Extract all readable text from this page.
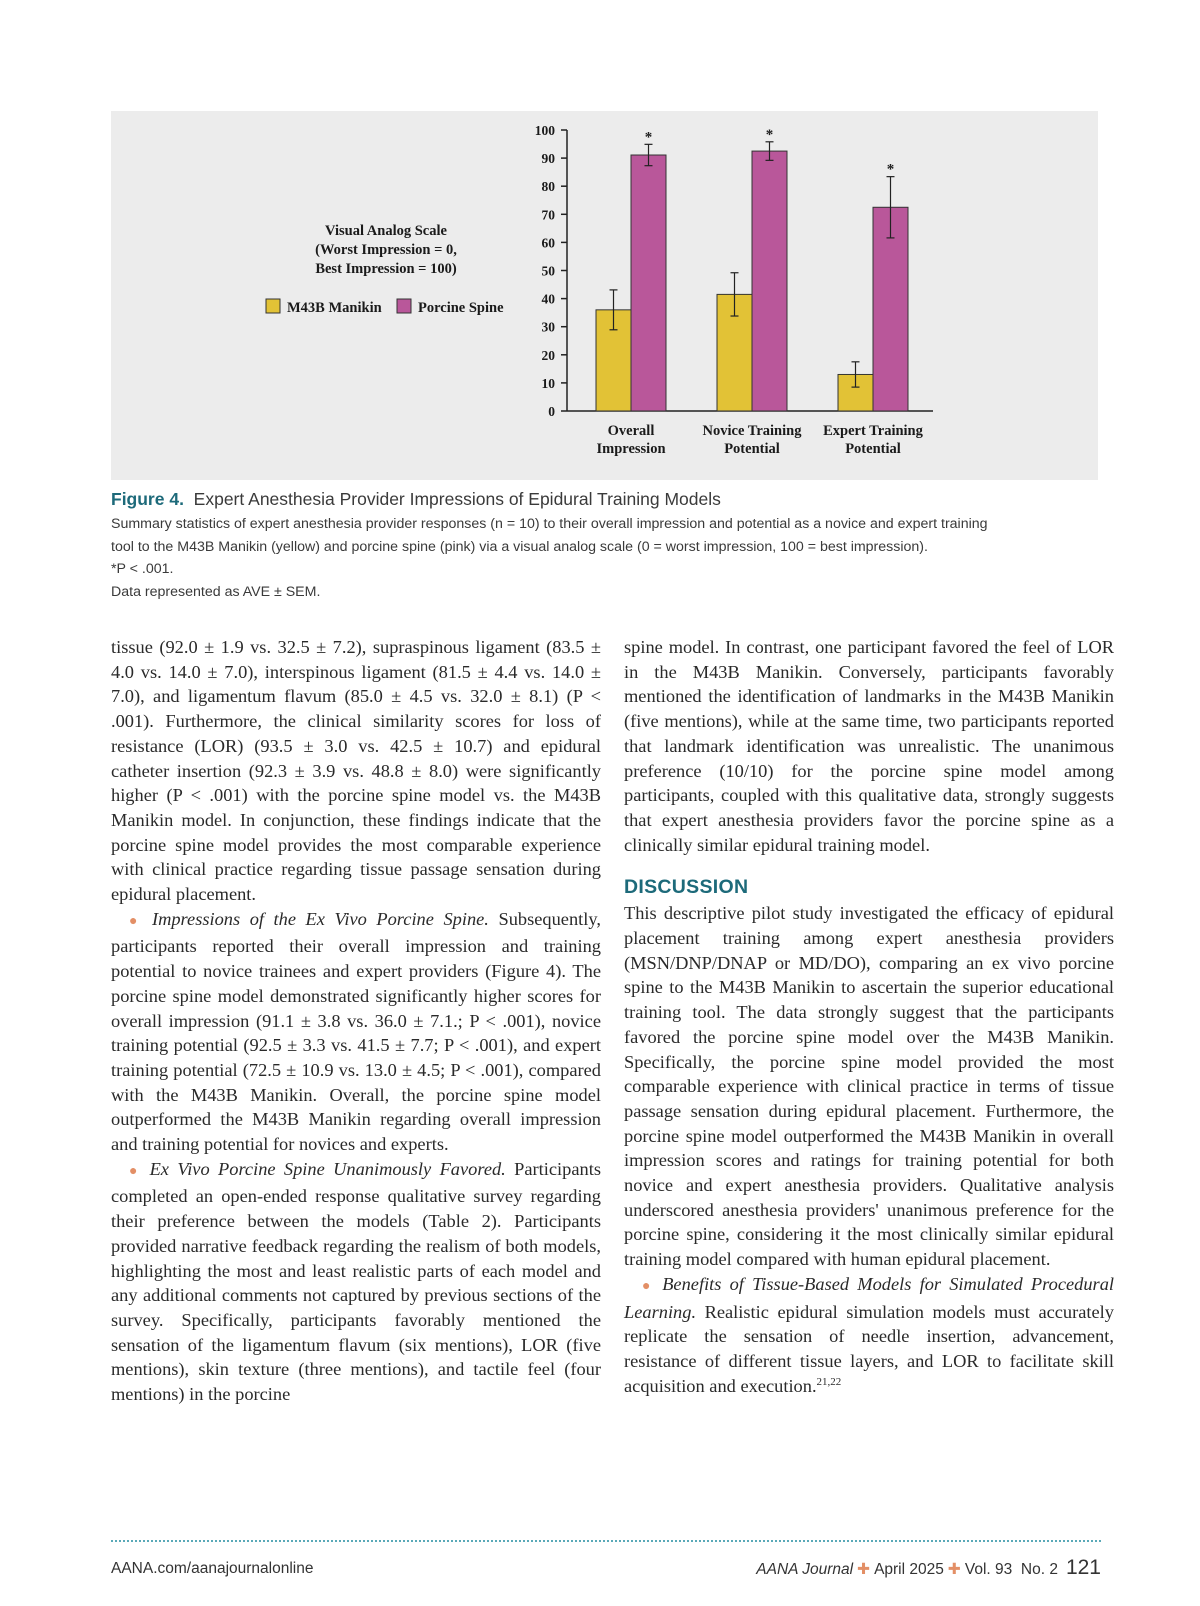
Visual Analog Scale
(Worst Impression = 0,
Best Impression = 100)
M43B Manikin	Porcine Spine
0
10
20
30
40
50
60
70
80
90
100	*
Overall
Impression
*
Novice Training
Potential
*
Expert Training
Potential

Figure 4. Expert Anesthesia Provider Impressions of Epidural Training Models

Summary statistics of expert anesthesia provider responses (n = 10) to their overall impression and potential as a novice and expert training

tool to the M43B Manikin (yellow) and porcine spine (pink) via a visual analog scale (0 = worst impression, 100 = best impression).

*P < .001.

Data represented as AVE ± SEM.

tissue (92.0 ± 1.9 vs. 32.5 ± 7.2), supraspinous ligament (83.5 ± 4.0 vs. 14.0 ± 7.0), interspinous ligament (81.5 ± 4.4 vs. 14.0 ± 7.0), and ligamentum flavum (85.0 ± 4.5 vs. 32.0 ± 8.1) (P < .001). Furthermore, the clinical similarity scores for loss of resistance (LOR) (93.5 ± 3.0 vs. 42.5 ± 10.7) and epidural catheter insertion (92.3 ± 3.9 vs. 48.8 ± 8.0) were significantly higher (P < .001) with the porcine spine model vs. the M43B Manikin model. In conjunction, these findings indicate that the porcine spine model provides the most comparable experience with clinical practice regarding tissue passage sensation during epidural placement.

● Impressions of the Ex Vivo Porcine Spine. Subsequently, participants reported their overall impression and training potential to novice trainees and expert providers (Figure 4). The porcine spine model demonstrated significantly higher scores for overall impression (91.1 ± 3.8 vs. 36.0 ± 7.1.; P < .001), novice training potential (92.5 ± 3.3 vs. 41.5 ± 7.7; P < .001), and expert training potential (72.5 ± 10.9 vs. 13.0 ± 4.5; P < .001), compared with the M43B Manikin. Overall, the porcine spine model outperformed the M43B Manikin regarding overall impression and training potential for novices and experts.

● Ex Vivo Porcine Spine Unanimously Favored. Participants completed an open-ended response qualitative survey regarding their preference between the models (Table 2). Participants provided narrative feedback regarding the realism of both models, highlighting the most and least realistic parts of each model and any additional comments not captured by previous sections of the survey. Specifically, participants favorably mentioned the sensation of the ligamentum flavum (six mentions), LOR (five mentions), skin texture (three mentions), and tactile feel (four mentions) in the porcine

spine model. In contrast, one participant favored the feel of LOR in the M43B Manikin. Conversely, participants favorably mentioned the identification of landmarks in the M43B Manikin (five mentions), while at the same time, two participants reported that landmark identification was unrealistic. The unanimous preference (10/10) for the porcine spine model among participants, coupled with this qualitative data, strongly suggests that expert anesthesia providers favor the porcine spine as a clinically similar epidural training model.

DISCUSSION

This descriptive pilot study investigated the efficacy of epidural placement training among expert anesthesia providers (MSN/DNP/DNAP or MD/DO), comparing an ex vivo porcine spine to the M43B Manikin to ascertain the superior educational training tool. The data strongly suggest that the participants favored the porcine spine model over the M43B Manikin. Specifically, the porcine spine model provided the most comparable experience with clinical practice in terms of tissue passage sensation during epidural placement. Furthermore, the porcine spine model outperformed the M43B Manikin in overall impression scores and ratings for training potential for both novice and expert anesthesia providers. Qualitative analysis underscored anesthesia providers' unanimous preference for the porcine spine, considering it the most clinically similar epidural training model compared with human epidural placement.

● Benefits of Tissue-Based Models for Simulated Procedural Learning. Realistic epidural simulation models must accurately replicate the sensation of needle insertion, advancement, resistance of different tissue layers, and LOR to facilitate skill acquisition and execution.$^{21,22}$

AANA.com/aanajournalonline	AANA Journal ✚ April 2025 ✚ Vol. 93 No. 2 121
